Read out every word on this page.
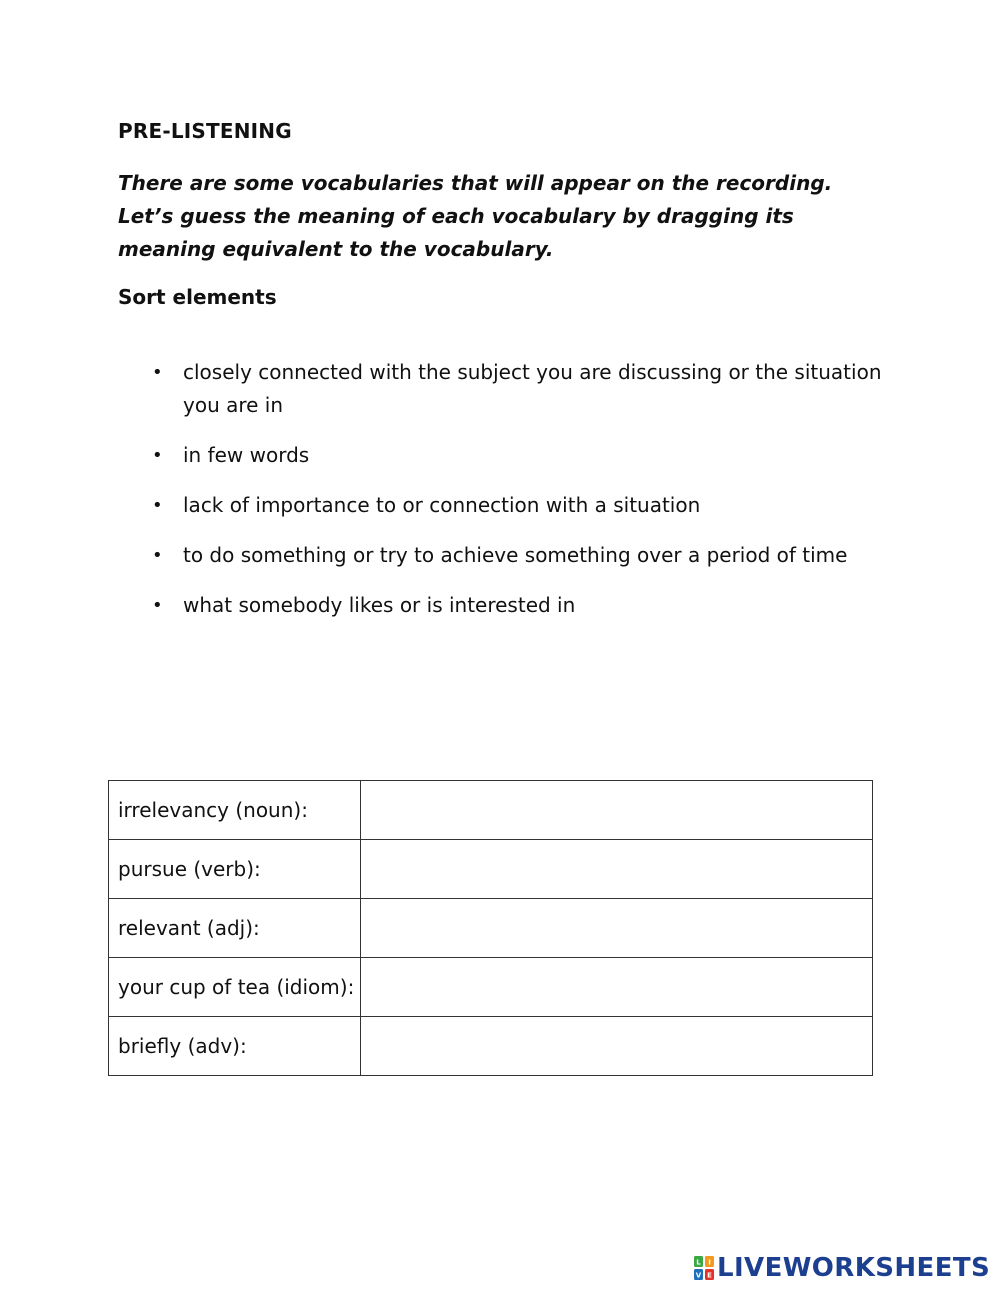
PRE-LISTENING
There are some vocabularies that will appear on the recording. Let’s guess the meaning of each vocabulary by dragging its meaning equivalent to the vocabulary.
Sort elements
• closely connected with the subject you are discussing or the situation you are in
• in few words
• lack of importance to or connection with a situation
• to do something or try to achieve something over a period of time
• what somebody likes or is interested in
irrelevancy (noun):	
pursue (verb):	
relevant (adj):	
your cup of tea (idiom):	
briefly (adv):	
L I
V E LIVEWORKSHEETS
